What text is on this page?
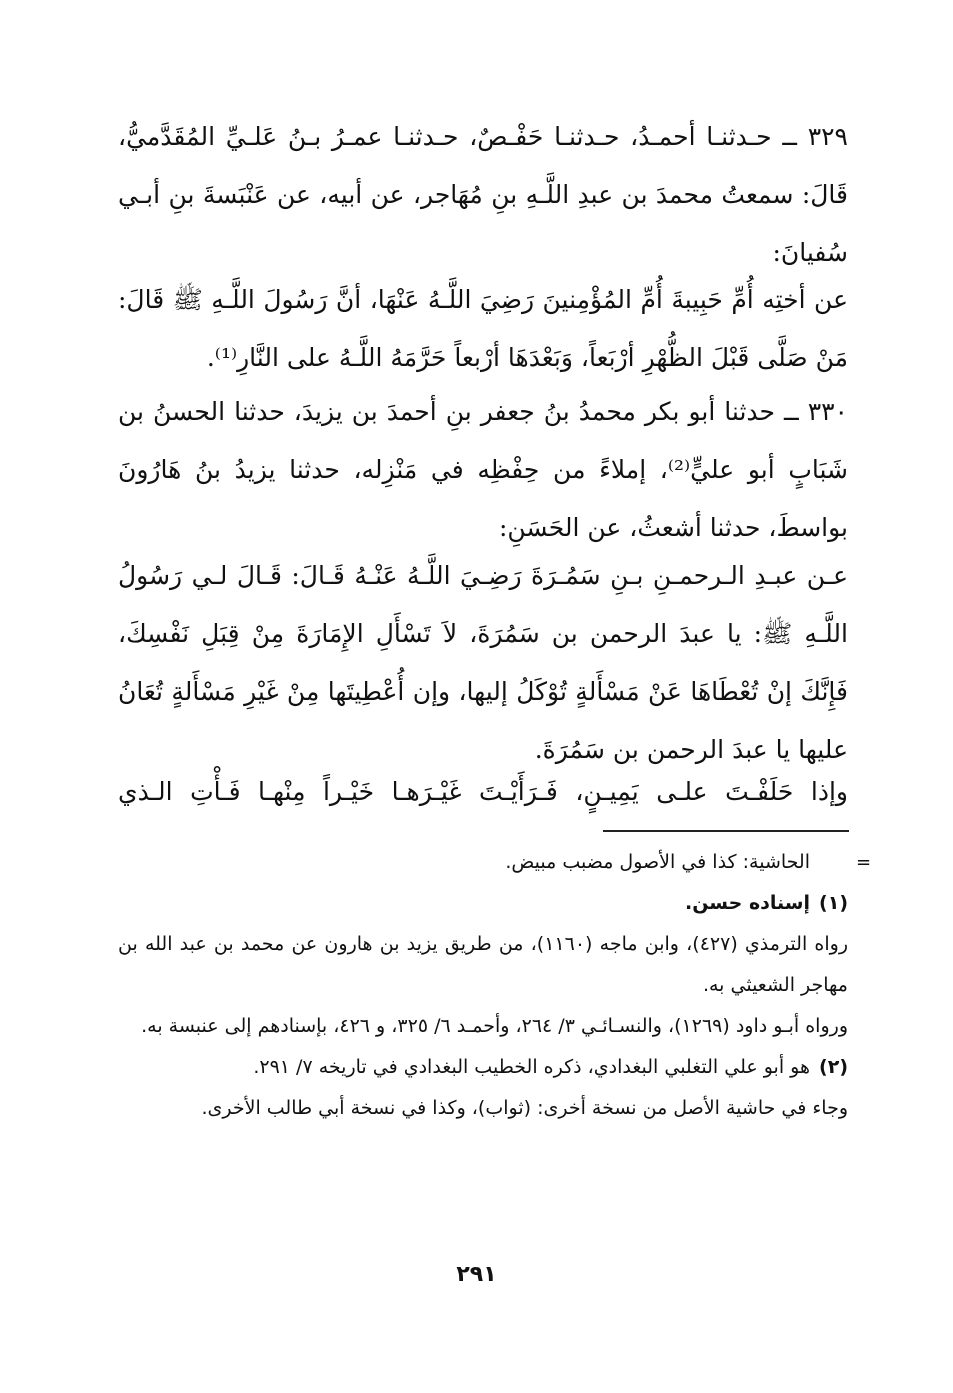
٣٢٩ ــ حـدثنـا أحمـدُ، حـدثنـا حَفْـصٌ، حـدثنـا عمـرُ بـنُ عَلـيِّ المُقَدَّميُّ، قَالَ: سمعتُ محمدَ بن عبدِ اللَّـهِ بنِ مُهَاجر، عن أبيه، عن عَنْبَسةَ بنِ أبـي سُفيانَ:

عن أختِه أُمِّ حَبِيبةَ أُمِّ المُؤْمِنينَ رَضِيَ اللَّـهُ عَنْهَا، أنَّ رَسُولَ اللَّـهِ ﷺ قَالَ: مَنْ صَلَّى قَبْلَ الظُّهْرِ أرْبَعاً، وَبَعْدَهَا أرْبعاً حَرَّمَهُ اللَّـهُ على النَّارِ⁽¹⁾.

٣٣٠ ــ حدثنا أبو بكر محمدُ بنُ جعفر بنِ أحمدَ بن يزيدَ، حدثنا الحسنُ بن شَبَابٍ أبو عليٍّ⁽²⁾، إملاءً من حِفْظِه في مَنْزِله، حدثنا يزيدُ بنُ هَارُونَ بواسطَ، حدثنا أشعثُ، عن الحَسَنِ:

عـن عبـدِ الـرحمـنِ بـنِ سَمُـرَةَ رَضِـيَ اللَّـهُ عَنْـهُ قَـالَ: قَـالَ لـي رَسُولُ اللَّـهِ ﷺ: يا عبدَ الرحمن بن سَمُرَةَ، لاَ تَسْأَلِ الإِمَارَةَ مِنْ قِبَلِ نَفْسِكَ، فَإِنَّكَ إنْ تُعْطَاهَا عَنْ مَسْأَلةٍ تُوْكَلُ إليها، وإن أُعْطِيتَها مِنْ غَيْرِ مَسْأَلةٍ تُعَانُ عليها يا عبدَ الرحمن بن سَمُرَةَ.

وإذا حَلَفْـتَ علـى يَمِيـنٍ، فَـرَأَيْـتَ غَيْـرَهـا خَيْـراً مِنْهـا فَـأْتِ الـذي

=
الحاشية: كذا في الأصول مضبب مبيض.
(١)
إسناده حسن.
رواه الترمذي (٤٢٧)، وابن ماجه (١١٦٠)، من طريق يزيد بن هارون عن محمد بن عبد الله بن مهاجر الشعيثي به.
ورواه أبـو داود (١٢٦٩)، والنسـائـي ٣/ ٢٦٤، وأحمـد ٦/ ٣٢٥، و ٤٢٦، بإسنادهم إلى عنبسة به.
(٢)
هو أبو علي التغلبي البغدادي، ذكره الخطيب البغدادي في تاريخه ٧/ ٢٩١.
وجاء في حاشية الأصل من نسخة أخرى: (ثواب)، وكذا في نسخة أبي طالب الأخرى.
٢٩١
